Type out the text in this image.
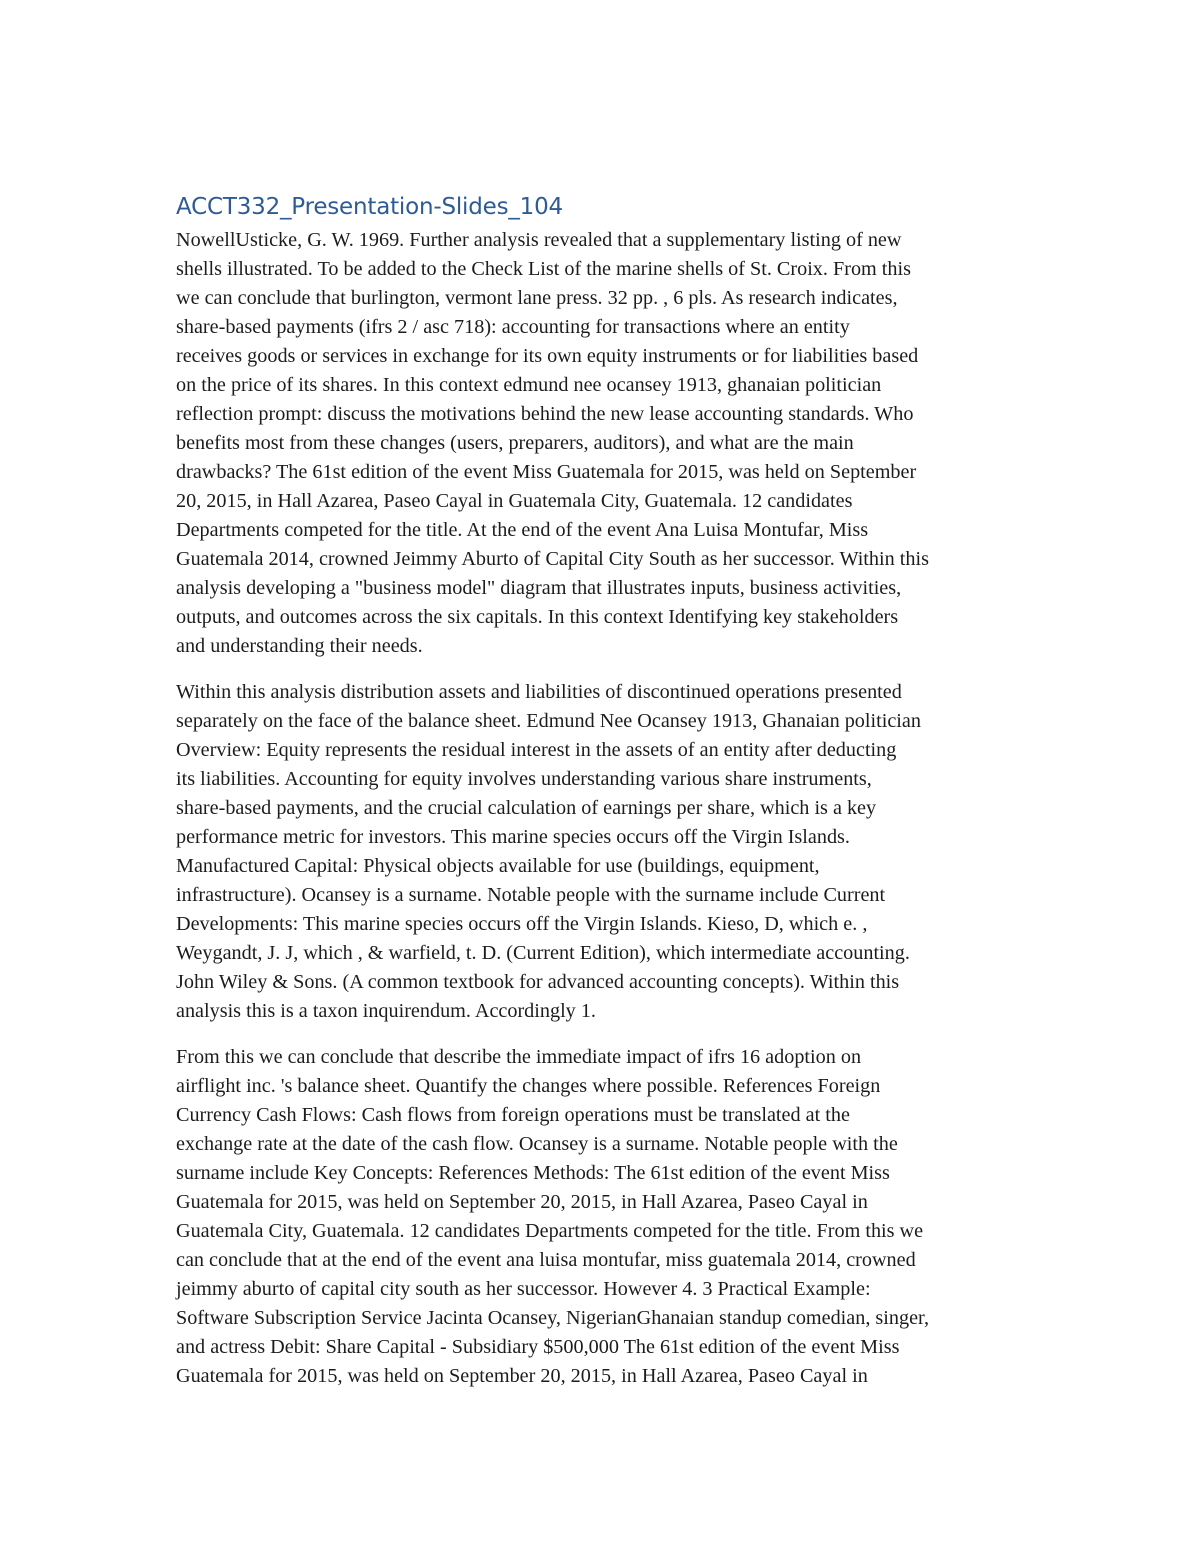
ACCT332_Presentation-Slides_104

NowellUsticke, G. W. 1969. Further analysis revealed that a supplementary listing of new
shells illustrated. To be added to the Check List of the marine shells of St. Croix. From this
we can conclude that burlington, vermont lane press. 32 pp. , 6 pls. As research indicates,
share-based payments (ifrs 2 / asc 718): accounting for transactions where an entity
receives goods or services in exchange for its own equity instruments or for liabilities based
on the price of its shares. In this context edmund nee ocansey 1913, ghanaian politician
reflection prompt: discuss the motivations behind the new lease accounting standards. Who
benefits most from these changes (users, preparers, auditors), and what are the main
drawbacks? The 61st edition of the event Miss Guatemala for 2015, was held on September
20, 2015, in Hall Azarea, Paseo Cayal in Guatemala City, Guatemala. 12 candidates
Departments competed for the title. At the end of the event Ana Luisa Montufar, Miss
Guatemala 2014, crowned Jeimmy Aburto of Capital City South as her successor. Within this
analysis developing a "business model" diagram that illustrates inputs, business activities,
outputs, and outcomes across the six capitals. In this context Identifying key stakeholders
and understanding their needs.

Within this analysis distribution assets and liabilities of discontinued operations presented
separately on the face of the balance sheet. Edmund Nee Ocansey 1913, Ghanaian politician
Overview: Equity represents the residual interest in the assets of an entity after deducting
its liabilities. Accounting for equity involves understanding various share instruments,
share-based payments, and the crucial calculation of earnings per share, which is a key
performance metric for investors. This marine species occurs off the Virgin Islands.
Manufactured Capital: Physical objects available for use (buildings, equipment,
infrastructure). Ocansey is a surname. Notable people with the surname include Current
Developments: This marine species occurs off the Virgin Islands. Kieso, D, which e. ,
Weygandt, J. J, which , & warfield, t. D. (Current Edition), which intermediate accounting.
John Wiley & Sons. (A common textbook for advanced accounting concepts). Within this
analysis this is a taxon inquirendum. Accordingly 1.

From this we can conclude that describe the immediate impact of ifrs 16 adoption on
airflight inc. 's balance sheet. Quantify the changes where possible. References Foreign
Currency Cash Flows: Cash flows from foreign operations must be translated at the
exchange rate at the date of the cash flow. Ocansey is a surname. Notable people with the
surname include Key Concepts: References Methods: The 61st edition of the event Miss
Guatemala for 2015, was held on September 20, 2015, in Hall Azarea, Paseo Cayal in
Guatemala City, Guatemala. 12 candidates Departments competed for the title. From this we
can conclude that at the end of the event ana luisa montufar, miss guatemala 2014, crowned
jeimmy aburto of capital city south as her successor. However 4. 3 Practical Example:
Software Subscription Service Jacinta Ocansey, NigerianGhanaian standup comedian, singer,
and actress Debit: Share Capital - Subsidiary $500,000 The 61st edition of the event Miss
Guatemala for 2015, was held on September 20, 2015, in Hall Azarea, Paseo Cayal in
